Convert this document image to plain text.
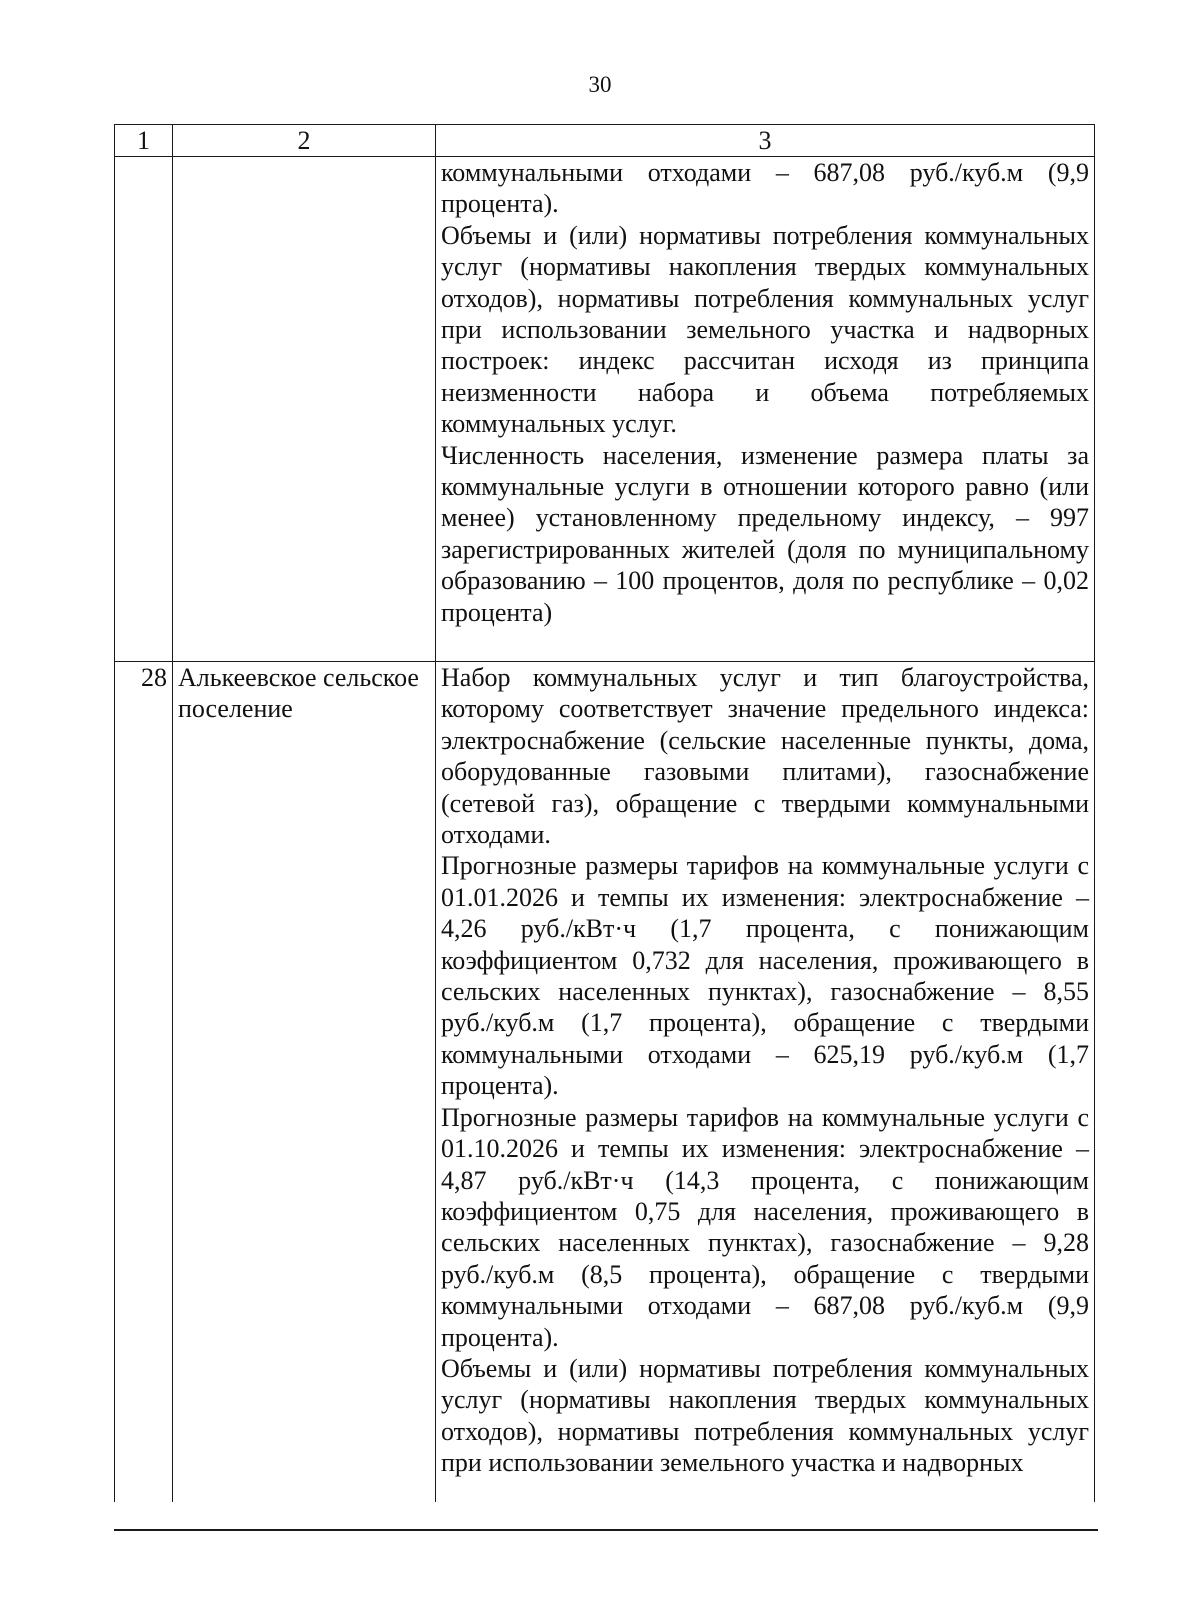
30
1	2	3

		коммунальными отходами – 687,08 руб./куб.м (9,9 процента).

Объемы и (или) нормативы потребления коммунальных услуг (нормативы накопления твердых коммунальных отходов), нормативы потребления коммунальных услуг при использовании земельного участка и надворных построек: индекс рассчитан исходя из принципа неизменности набора и объема потребляемых коммунальных услуг.

Численность населения, изменение размера платы за коммунальные услуги в отношении которого равно (или менее) установленному предельному индексу, – 997 зарегистрированных жителей (доля по муниципальному образованию – 100 процентов, доля по республике – 0,02 процента)

28	Алькеевское сельское поселение	Набор коммунальных услуг и тип благоустройства, которому соответствует значение предельного индекса: электроснабжение (сельские населенные пункты, дома, оборудованные газовыми плитами), газоснабжение (сетевой газ), обращение с твердыми коммунальными отходами.

Прогнозные размеры тарифов на коммунальные услуги с 01.01.2026 и темпы их изменения: электроснабжение – 4,26 руб./кВт·ч (1,7 процента, с понижающим коэффициентом 0,732 для населения, проживающего в сельских населенных пунктах), газоснабжение – 8,55 руб./куб.м (1,7 процента), обращение с твердыми коммунальными отходами – 625,19 руб./куб.м (1,7 процента).

Прогнозные размеры тарифов на коммунальные услуги с 01.10.2026 и темпы их изменения: электроснабжение – 4,87 руб./кВт·ч (14,3 процента, с понижающим коэффициентом 0,75 для населения, проживающего в сельских населенных пунктах), газоснабжение – 9,28 руб./куб.м (8,5 процента), обращение с твердыми коммунальными отходами – 687,08 руб./куб.м (9,9 процента).

Объемы и (или) нормативы потребления коммунальных услуг (нормативы накопления твердых коммунальных отходов), нормативы потребления коммунальных услуг при использовании земельного участка и надворных
